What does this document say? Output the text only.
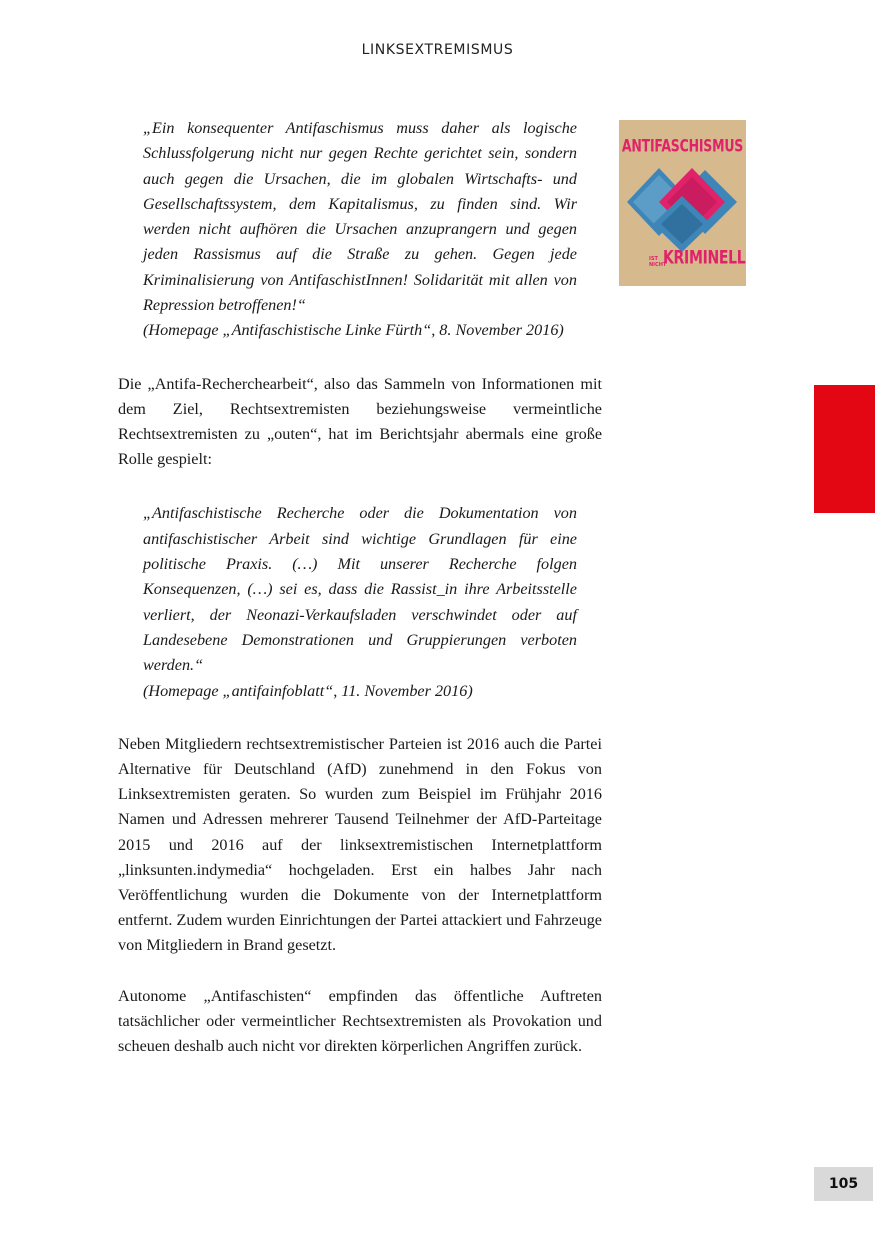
LINKSEXTREMISMUS
ANTIFASCHISMUS
IST
NICHT
KRIMINELL

„Ein konsequenter Antifaschismus muss daher als logische Schlussfolgerung nicht nur gegen Rechte gerichtet sein, sondern auch gegen die Ursachen, die im globalen Wirtschafts- und Gesellschaftssystem, dem Kapitalismus, zu finden sind. Wir werden nicht aufhören die Ursachen anzuprangern und gegen jeden Rassismus auf die Straße zu gehen. Gegen jede Kriminalisierung von AntifaschistInnen! Solidarität mit allen von Repression betroffenen!“

(Homepage „Antifaschistische Linke Fürth“, 8. November 2016)

Die „Antifa-Recherchearbeit“, also das Sammeln von Informationen mit dem Ziel, Rechtsextremisten beziehungsweise vermeintliche Rechtsextremisten zu „outen“, hat im Berichtsjahr abermals eine große Rolle gespielt:

„Antifaschistische Recherche oder die Dokumentation von antifaschistischer Arbeit sind wichtige Grundlagen für eine politische Praxis. (…) Mit unserer Recherche folgen Konsequenzen, (…) sei es, dass die Rassist_in ihre Arbeitsstelle verliert, der Neonazi-Verkaufsladen verschwindet oder auf Landesebene Demonstrationen und Gruppierungen verboten werden.“

(Homepage „antifainfoblatt“, 11. November 2016)

Neben Mitgliedern rechtsextremistischer Parteien ist 2016 auch die Partei Alternative für Deutschland (AfD) zunehmend in den Fokus von Linksextremisten geraten. So wurden zum Beispiel im Frühjahr 2016 Namen und Adressen mehrerer Tausend Teilnehmer der AfD-Parteitage 2015 und 2016 auf der linksextremistischen Internetplattform „linksunten.indymedia“ hochgeladen. Erst ein halbes Jahr nach Veröffentlichung wurden die Dokumente von der Internetplattform entfernt. Zudem wurden Einrichtungen der Partei attackiert und Fahrzeuge von Mitgliedern in Brand gesetzt.

Autonome „Antifaschisten“ empfinden das öffentliche Auftreten tatsächlicher oder vermeintlicher Rechtsextremisten als Provokation und scheuen deshalb auch nicht vor direkten körperlichen Angriffen zurück.

105
